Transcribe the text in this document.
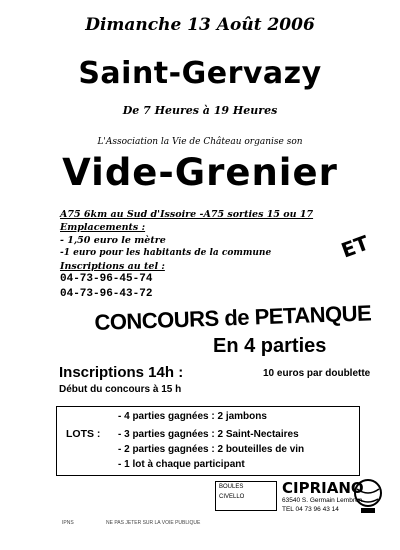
Dimanche 13 Août 2006
Saint-Gervazy
De 7 Heures à 19 Heures
L'Association la Vie de Château organise son
Vide-Grenier
A75 6km au Sud d'Issoire -A75 sorties 15 ou 17
Emplacements :
- 1,50 euro le mètre
-1 euro pour les habitants de la commune
Inscriptions au tel :
04-73-96-45-74
04-73-96-43-72
ET
CONCOURS de PETANQUE
En 4 parties
Inscriptions 14h :	10 euros par doublette
Début du concours à 15 h
LOTS :
- 4 parties gagnées : 2 jambons
- 3 parties gagnées : 2 Saint-Nectaires
- 2 parties gagnées : 2 bouteilles de vin
- 1 lot à chaque participant
BOULES
CIVELLO	CIPRIANO
63540 S. Germain Lembron
TEL 04 73 96 43 14
IPNS	NE PAS JETER SUR LA VOIE PUBLIQUE
